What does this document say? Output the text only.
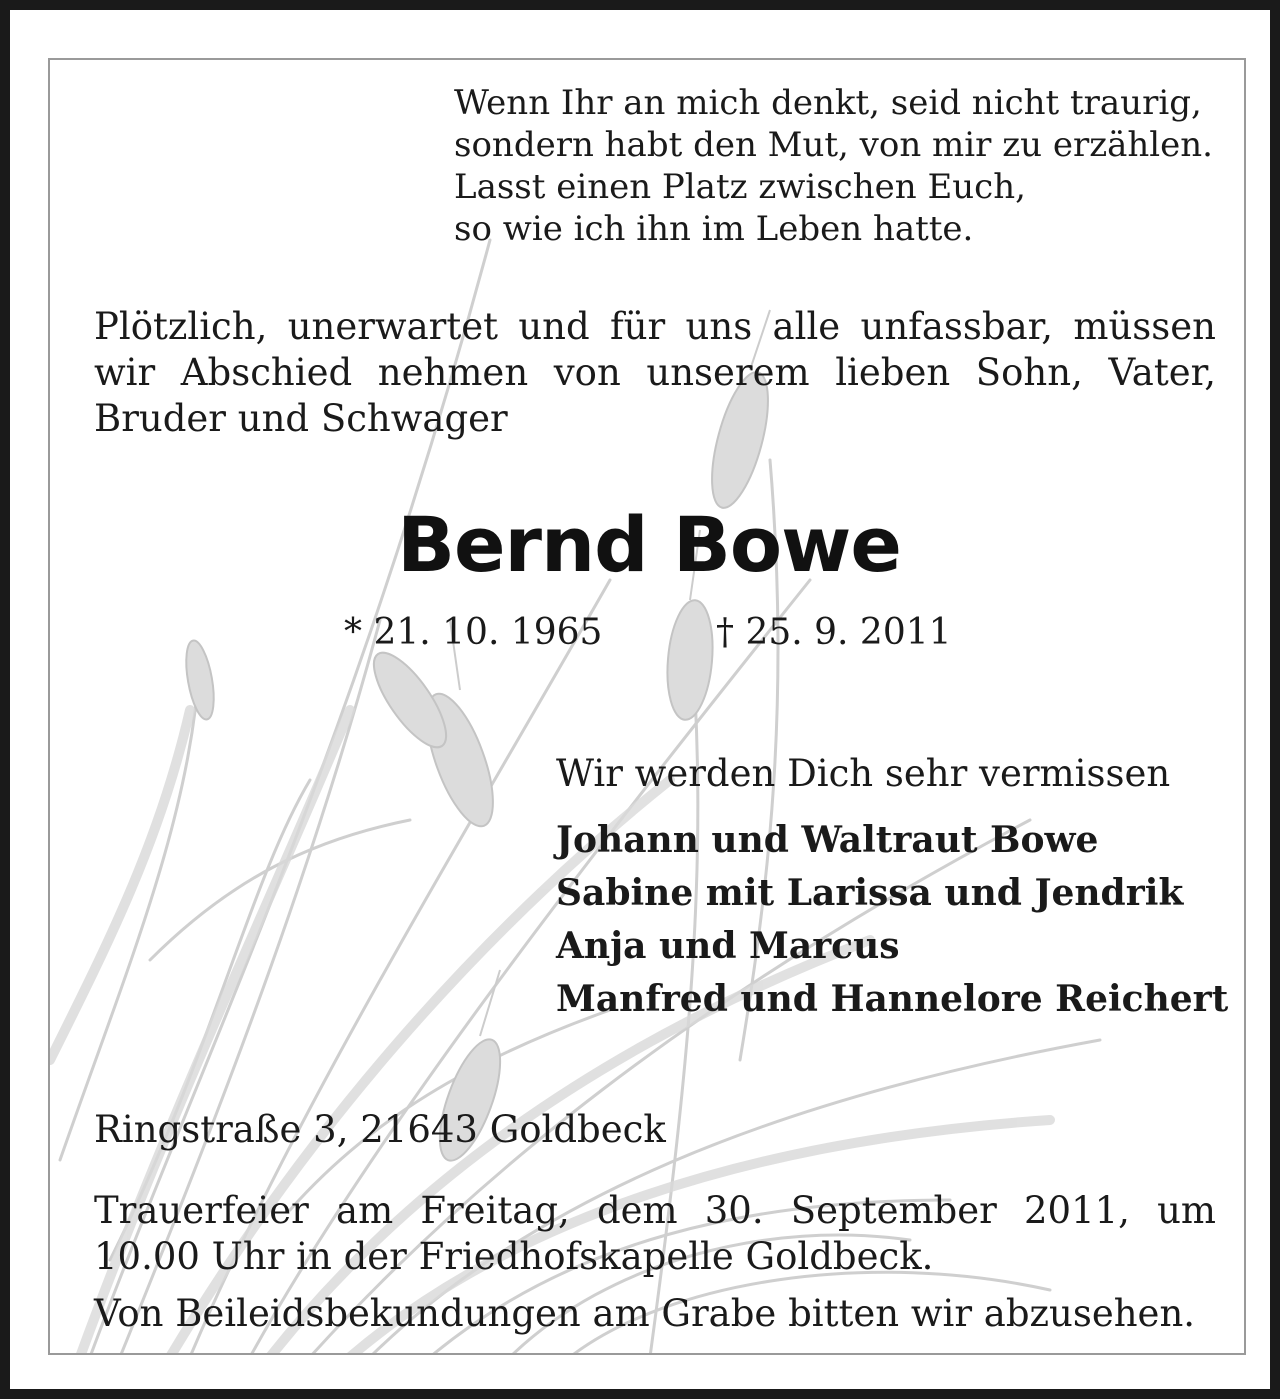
Wenn Ihr an mich denkt, seid nicht traurig,
sondern habt den Mut, von mir zu erzählen.
Lasst einen Platz zwischen Euch,
so wie ich ihn im Leben hatte.
Plötzlich, unerwartet und für uns alle unfassbar, müssen
wir Abschied nehmen von unserem lieben Sohn, Vater,
Bruder und Schwager
Bernd Bowe
* 21. 10. 1965	† 25. 9. 2011
Wir werden Dich sehr vermissen
Johann und Waltraut Bowe
Sabine mit Larissa und Jendrik
Anja und Marcus
Manfred und Hannelore Reichert
Ringstraße 3, 21643 Goldbeck
Trauerfeier am Freitag, dem 30. September 2011, um
10.00 Uhr in der Friedhofskapelle Goldbeck.
Von Beileidsbekundungen am Grabe bitten wir abzusehen.
